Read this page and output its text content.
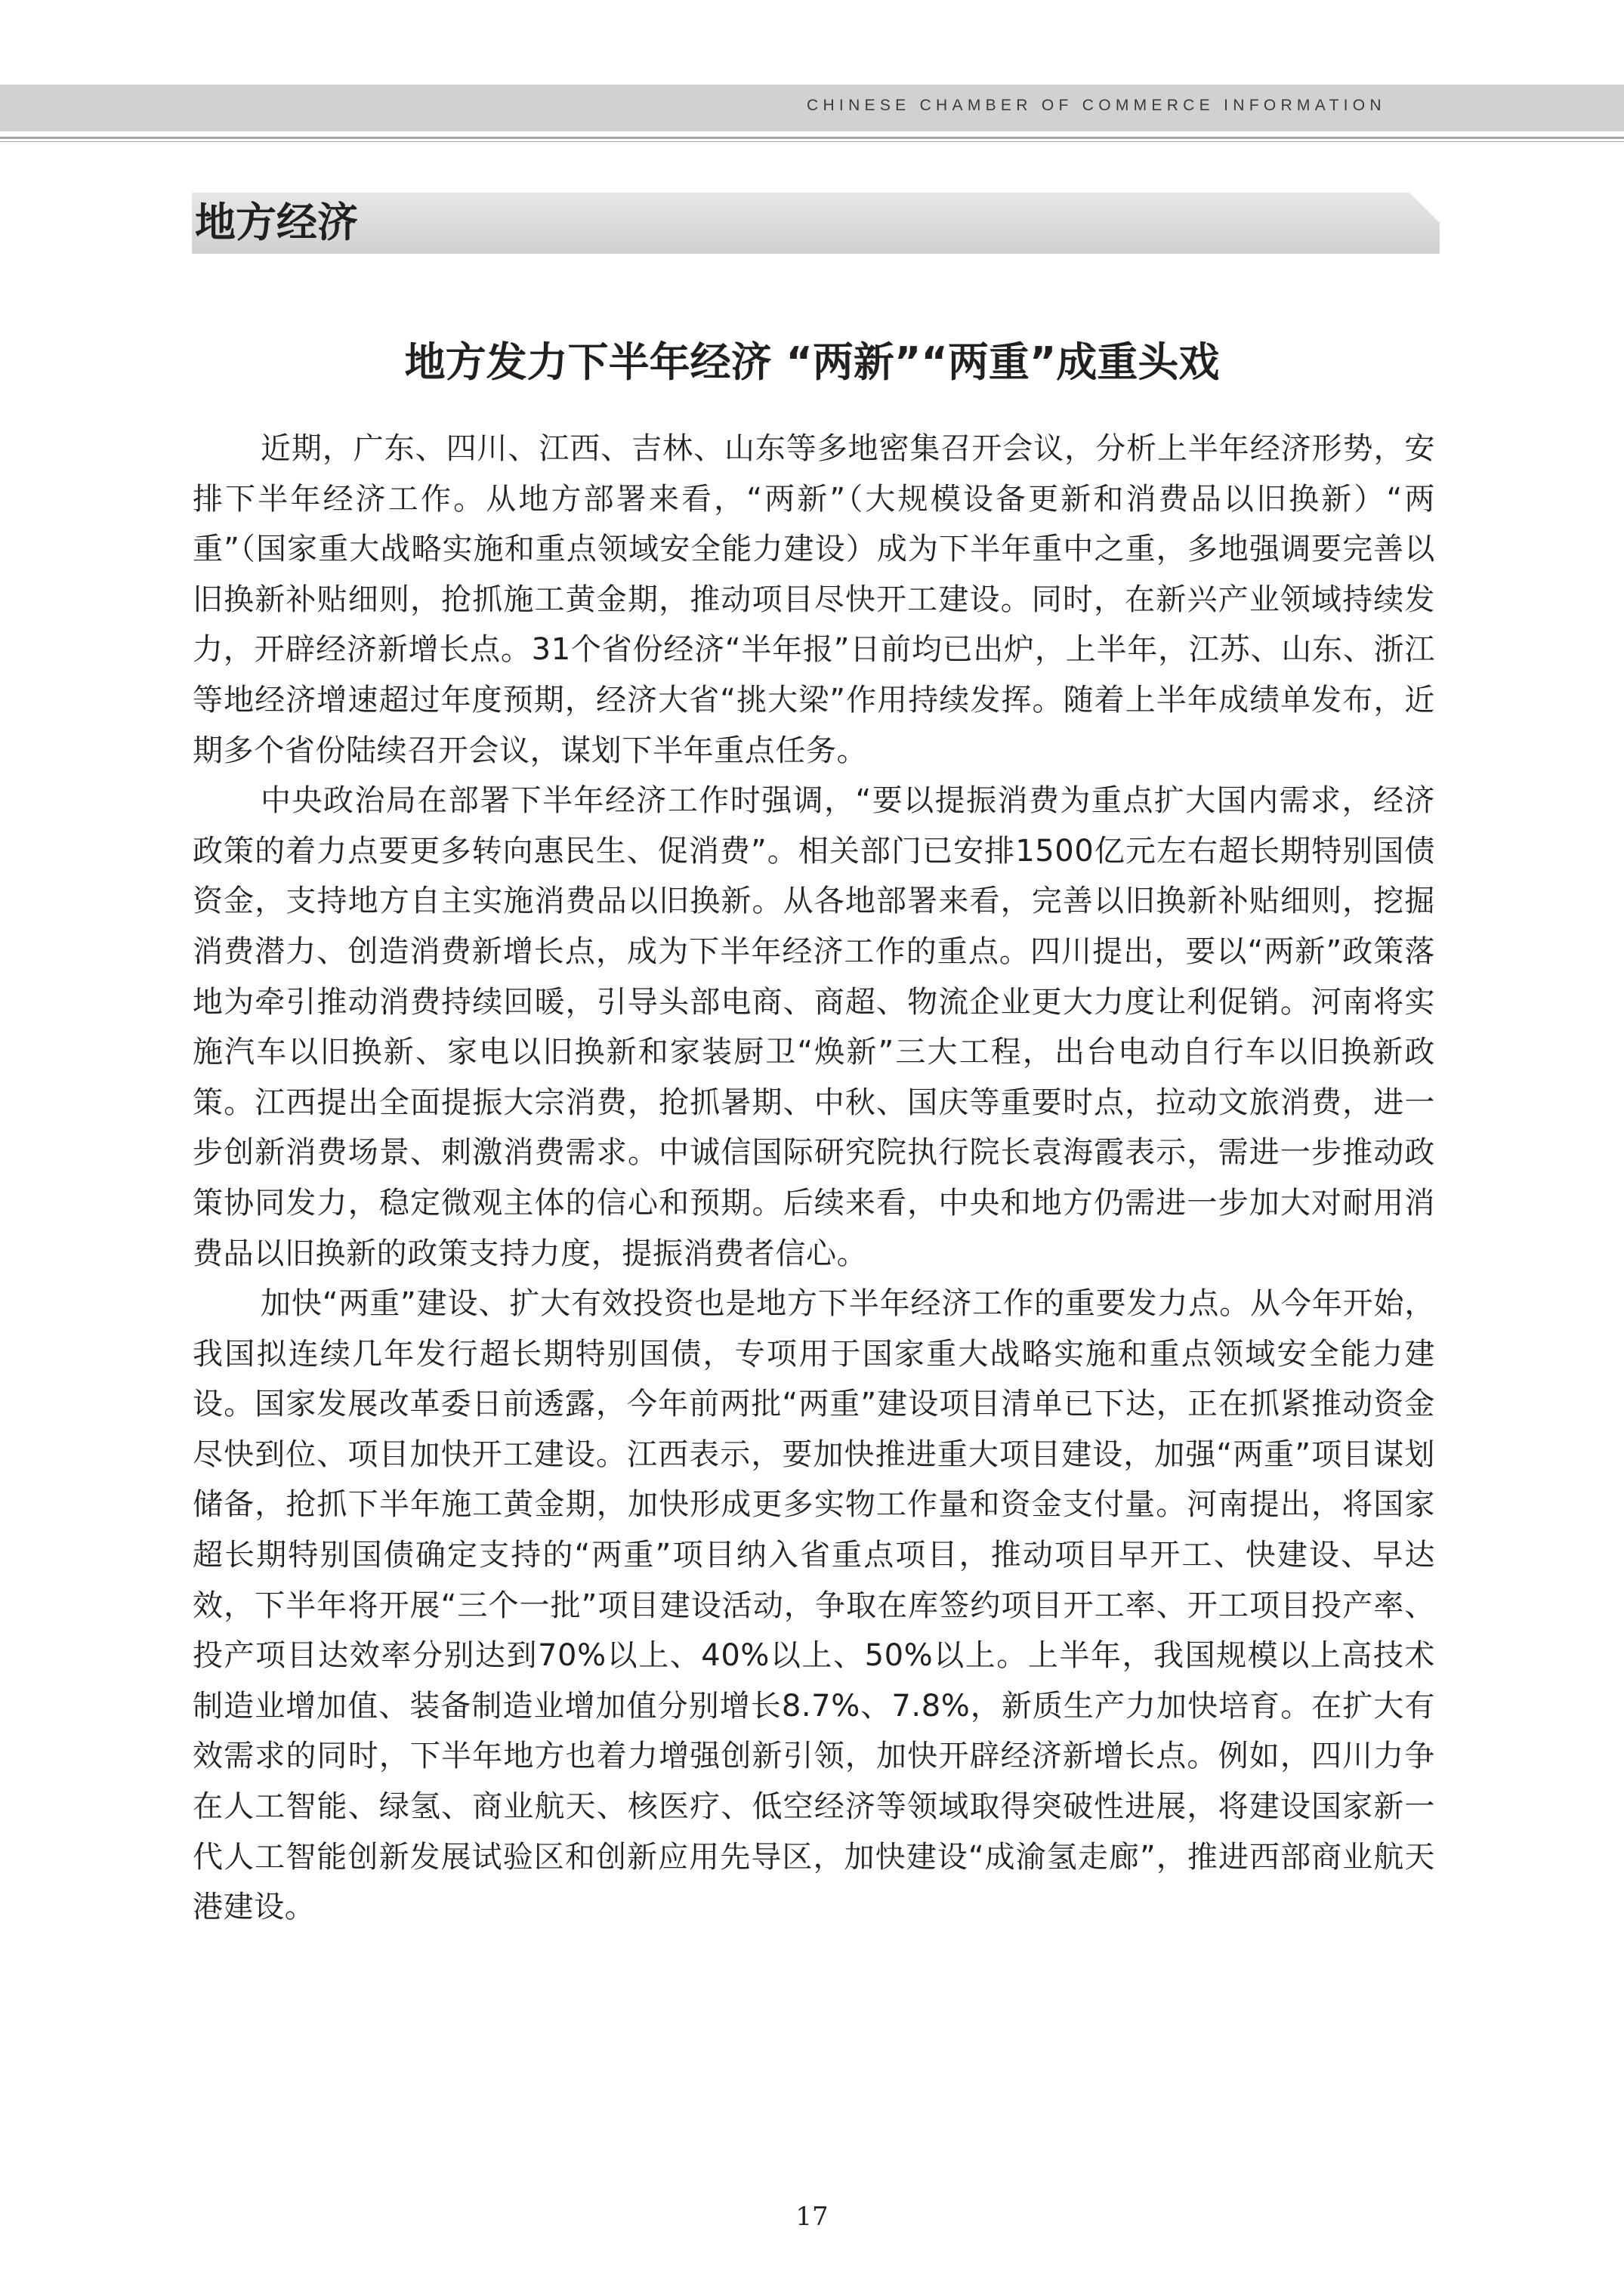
CHINESE CHAMBER OF COMMERCE INFORMATION
地方经济
地方发力下半年经济 “两新”“两重”成重头戏

近期，广东、四川、江西、吉林、山东等多地密集召开会议，分析上半年经济形势，安排下半年经济工作。从地方部署来看，“两新”（大规模设备更新和消费品以旧换新）“两重”（国家重大战略实施和重点领域安全能力建设）成为下半年重中之重，多地强调要完善以旧换新补贴细则，抢抓施工黄金期，推动项目尽快开工建设。同时，在新兴产业领域持续发力，开辟经济新增长点。31个省份经济“半年报”日前均已出炉，上半年，江苏、山东、浙江等地经济增速超过年度预期，经济大省“挑大梁”作用持续发挥。随着上半年成绩单发布，近期多个省份陆续召开会议，谋划下半年重点任务。

中央政治局在部署下半年经济工作时强调，“要以提振消费为重点扩大国内需求，经济政策的着力点要更多转向惠民生、促消费”。相关部门已安排1500亿元左右超长期特别国债资金，支持地方自主实施消费品以旧换新。从各地部署来看，完善以旧换新补贴细则，挖掘消费潜力、创造消费新增长点，成为下半年经济工作的重点。四川提出，要以“两新”政策落地为牵引推动消费持续回暖，引导头部电商、商超、物流企业更大力度让利促销。河南将实施汽车以旧换新、家电以旧换新和家装厨卫“焕新”三大工程，出台电动自行车以旧换新政策。江西提出全面提振大宗消费，抢抓暑期、中秋、国庆等重要时点，拉动文旅消费，进一步创新消费场景、刺激消费需求。中诚信国际研究院执行院长袁海霞表示，需进一步推动政策协同发力，稳定微观主体的信心和预期。后续来看，中央和地方仍需进一步加大对耐用消费品以旧换新的政策支持力度，提振消费者信心。

加快“两重”建设、扩大有效投资也是地方下半年经济工作的重要发力点。从今年开始，我国拟连续几年发行超长期特别国债，专项用于国家重大战略实施和重点领域安全能力建设。国家发展改革委日前透露，今年前两批“两重”建设项目清单已下达，正在抓紧推动资金尽快到位、项目加快开工建设。江西表示，要加快推进重大项目建设，加强“两重”项目谋划储备，抢抓下半年施工黄金期，加快形成更多实物工作量和资金支付量。河南提出，将国家超长期特别国债确定支持的“两重”项目纳入省重点项目，推动项目早开工、快建设、早达效，下半年将开展“三个一批”项目建设活动，争取在库签约项目开工率、开工项目投产率、投产项目达效率分别达到70%以上、40%以上、50%以上。上半年，我国规模以上高技术制造业增加值、装备制造业增加值分别增长8.7%、7.8%，新质生产力加快培育。在扩大有效需求的同时，下半年地方也着力增强创新引领，加快开辟经济新增长点。例如，四川力争在人工智能、绿氢、商业航天、核医疗、低空经济等领域取得突破性进展，将建设国家新一代人工智能创新发展试验区和创新应用先导区，加快建设“成渝氢走廊”，推进西部商业航天港建设。

17
